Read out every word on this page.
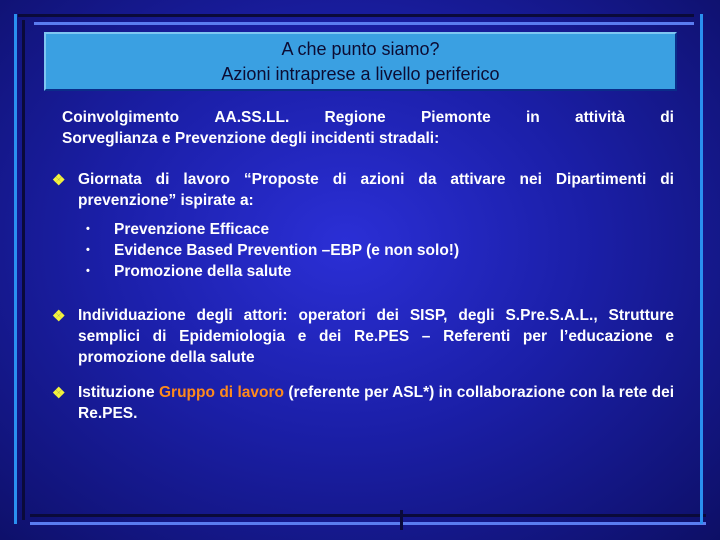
A che punto siamo?
Azioni intraprese a livello periferico
Coinvolgimento AA.SS.LL. Regione Piemonte in attività di
Sorveglianza e Prevenzione degli incidenti stradali:
❖ Giornata di lavoro “Proposte di azioni da attivare nei Dipartimenti di prevenzione” ispirate a:
• Prevenzione Efficace
• Evidence Based Prevention –EBP (e non solo!)
• Promozione della salute
❖ Individuazione degli attori: operatori dei SISP, degli S.Pre.S.A.L., Strutture semplici di Epidemiologia e dei Re.PES – Referenti per l’educazione e promozione della salute
❖ Istituzione Gruppo di lavoro (referente per ASL*) in collaborazione con la rete dei Re.PES.
